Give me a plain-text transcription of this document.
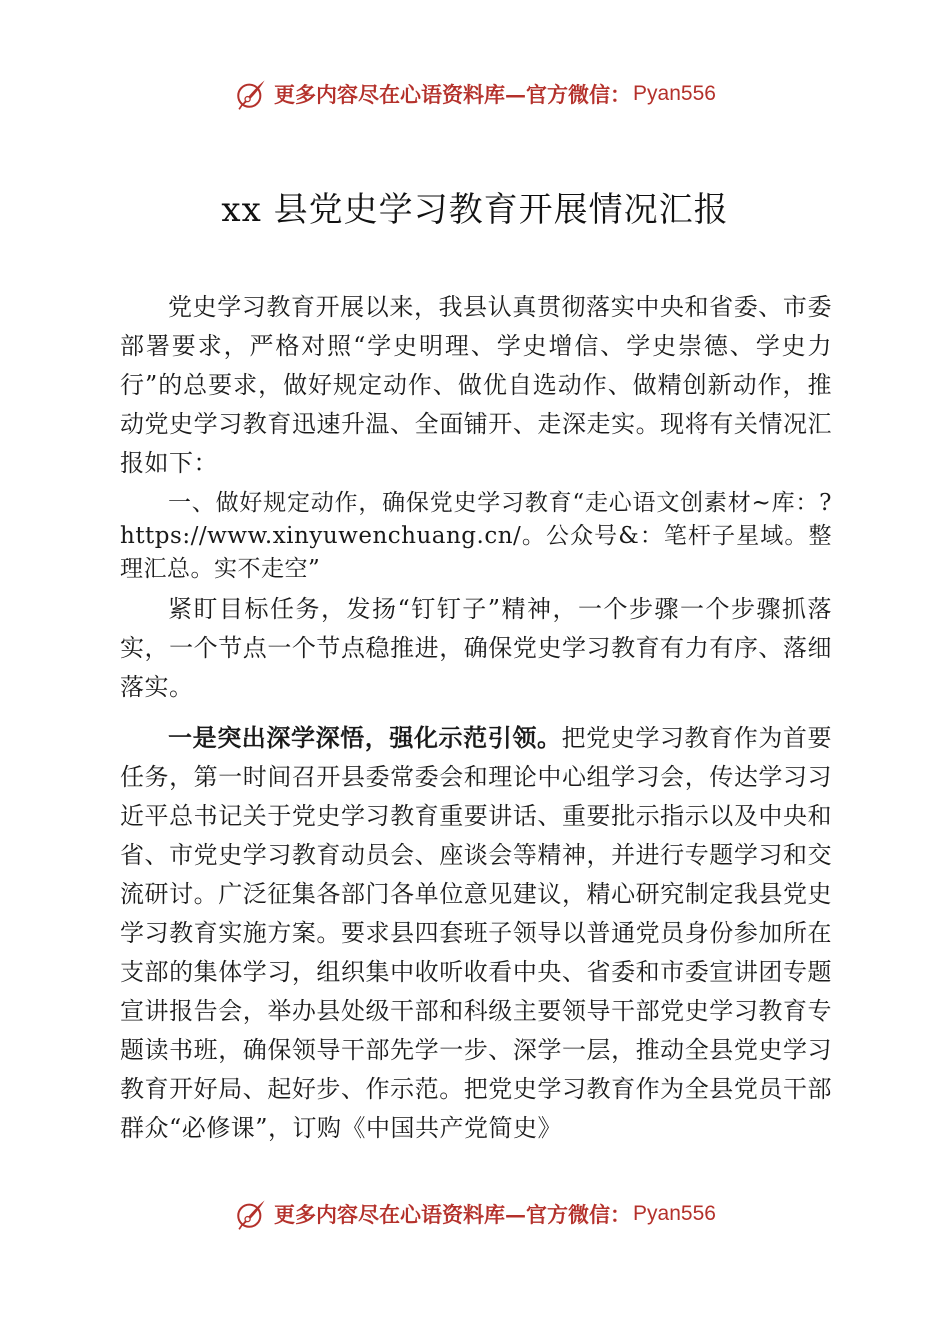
更多内容尽在心语资料库—官方微信： Pyan556
xx 县党史学习教育开展情况汇报

党史学习教育开展以来，我县认真贯彻落实中央和省委、市委部署要求，严格对照“学史明理、学史增信、学史崇德、学史力行”的总要求，做好规定动作、做优自选动作、做精创新动作，推动党史学习教育迅速升温、全面铺开、走深走实。现将有关情况汇报如下：

一、做好规定动作，确保党史学习教育“走心语文创素材~库：?https://www.xinyuwenchuang.cn/。公众号&：笔杆子星域。整理汇总。实不走空”

紧盯目标任务，发扬“钉钉子”精神，一个步骤一个步骤抓落实，一个节点一个节点稳推进，确保党史学习教育有力有序、落细落实。

一是突出深学深悟，强化示范引领。把党史学习教育作为首要任务，第一时间召开县委常委会和理论中心组学习会，传达学习习近平总书记关于党史学习教育重要讲话、重要批示指示以及中央和省、市党史学习教育动员会、座谈会等精神，并进行专题学习和交流研讨。广泛征集各部门各单位意见建议，精心研究制定我县党史学习教育实施方案。要求县四套班子领导以普通党员身份参加所在支部的集体学习，组织集中收听收看中央、省委和市委宣讲团专题宣讲报告会，举办县处级干部和科级主要领导干部党史学习教育专题读书班，确保领导干部先学一步、深学一层，推动全县党史学习教育开好局、起好步、作示范。把党史学习教育作为全县党员干部群众“必修课”，订购《中国共产党简史》

更多内容尽在心语资料库—官方微信： Pyan556
